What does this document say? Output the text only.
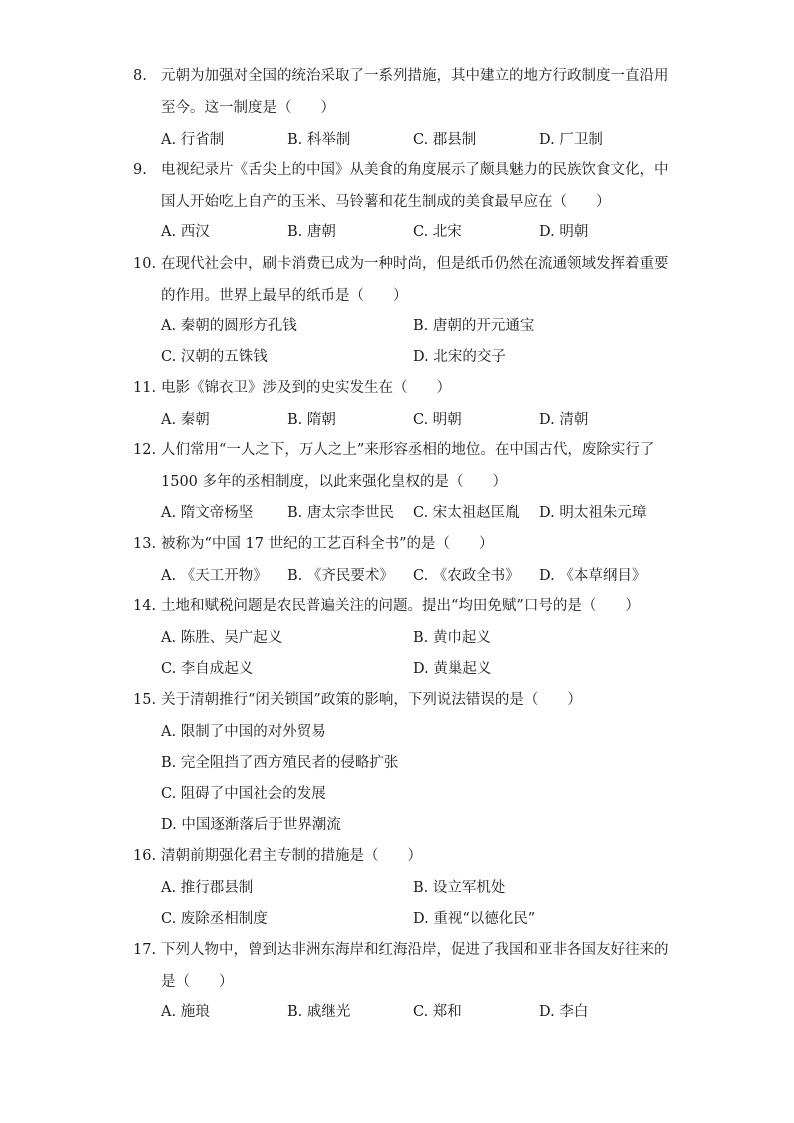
8. 元朝为加强对全国的统治采取了一系列措施，其中建立的地方行政制度一直沿用至今。这一制度是（　　）
A. 行省制	B. 科举制	C. 郡县制	D. 厂卫制
9. 电视纪录片《舌尖上的中国》从美食的角度展示了颇具魅力的民族饮食文化，中国人开始吃上自产的玉米、马铃薯和花生制成的美食最早应在（　　）
A. 西汉	B. 唐朝	C. 北宋	D. 明朝
10. 在现代社会中，刷卡消费已成为一种时尚，但是纸币仍然在流通领域发挥着重要的作用。世界上最早的纸币是（　　）
A. 秦朝的圆形方孔钱	B. 唐朝的开元通宝
C. 汉朝的五铢钱	D. 北宋的交子
11. 电影《锦衣卫》涉及到的史实发生在（　　）
A. 秦朝	B. 隋朝	C. 明朝	D. 清朝
12. 人们常用“一人之下，万人之上”来形容丞相的地位。在中国古代，废除实行了 1500 多年的丞相制度，以此来强化皇权的是（　　）
A. 隋文帝杨坚 B. 唐太宗李世民 C. 宋太祖赵匡胤 D. 明太祖朱元璋
13. 被称为“中国 17 世纪的工艺百科全书”的是（　　）
A. 《天工开物》 B. 《齐民要术》 C. 《农政全书》 D. 《本草纲目》
14. 土地和赋税问题是农民普遍关注的问题。提出“均田免赋”口号的是（　　）
A. 陈胜、吴广起义	B. 黄巾起义
C. 李自成起义	D. 黄巢起义
15. 关于清朝推行“闭关锁国”政策的影响，下列说法错误的是（　　）
A. 限制了中国的对外贸易
B. 完全阻挡了西方殖民者的侵略扩张
C. 阻碍了中国社会的发展
D. 中国逐渐落后于世界潮流
16. 清朝前期强化君主专制的措施是（　　）
A. 推行郡县制	B. 设立军机处
C. 废除丞相制度	D. 重视“以德化民”
17. 下列人物中，曾到达非洲东海岸和红海沿岸，促进了我国和亚非各国友好往来的是（　　）
A. 施琅	B. 戚继光	C. 郑和	D. 李白
